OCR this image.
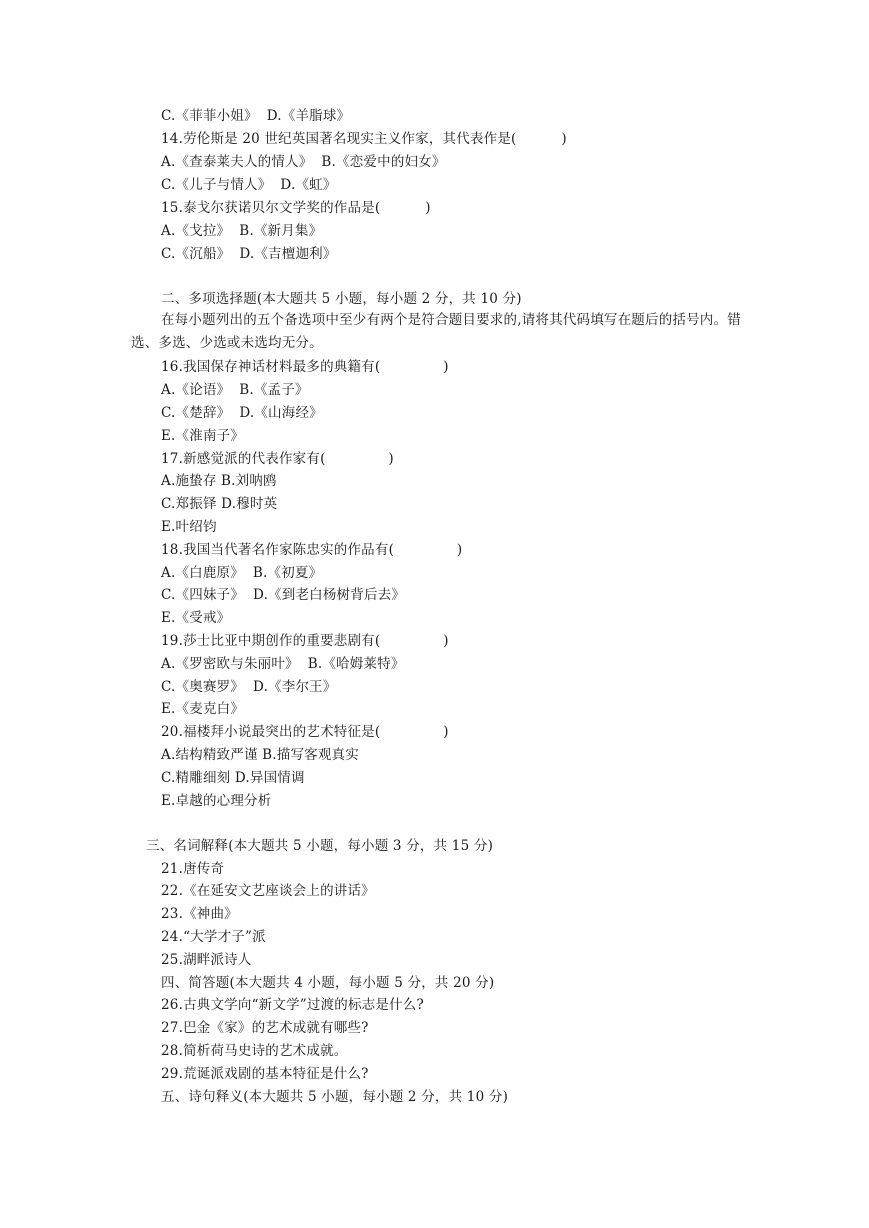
C.《菲菲小姐》  D.《羊脂球》
14.劳伦斯是 20 世纪英国著名现实主义作家，其代表作是(          )
A.《查泰莱夫人的情人》  B.《恋爱中的妇女》
C.《儿子与情人》  D.《虹》
15.泰戈尔获诺贝尔文学奖的作品是(          )
A.《戈拉》  B.《新月集》
C.《沉船》  D.《吉檀迦利》
二、多项选择题(本大题共 5 小题，每小题 2 分，共 10 分)
在每小题列出的五个备选项中至少有两个是符合题目要求的,请将其代码填写在题后的括号内。错选、多选、少选或未选均无分。
16.我国保存神话材料最多的典籍有(              )
A.《论语》  B.《孟子》
C.《楚辞》  D.《山海经》
E.《淮南子》
17.新感觉派的代表作家有(              )
A.施蛰存 B.刘呐鸥
C.郑振铎 D.穆时英
E.叶绍钧
18.我国当代著名作家陈忠实的作品有(              )
A.《白鹿原》  B.《初夏》
C.《四妹子》  D.《到老白杨树背后去》
E.《受戒》
19.莎士比亚中期创作的重要悲剧有(              )
A.《罗密欧与朱丽叶》  B.《哈姆莱特》
C.《奥赛罗》  D.《李尔王》
E.《麦克白》
20.福楼拜小说最突出的艺术特征是(              )
A.结构精致严谨 B.描写客观真实
C.精雕细刻 D.异国情调
E.卓越的心理分析
三、名词解释(本大题共 5 小题，每小题 3 分，共 15 分)
21.唐传奇
22.《在延安文艺座谈会上的讲话》
23.《神曲》
24.“大学才子”派
25.湖畔派诗人
四、简答题(本大题共 4 小题，每小题 5 分，共 20 分)
26.古典文学向“新文学”过渡的标志是什么?
27.巴金《家》的艺术成就有哪些?
28.简析荷马史诗的艺术成就。
29.荒诞派戏剧的基本特征是什么?
五、诗句释义(本大题共 5 小题，每小题 2 分，共 10 分)
